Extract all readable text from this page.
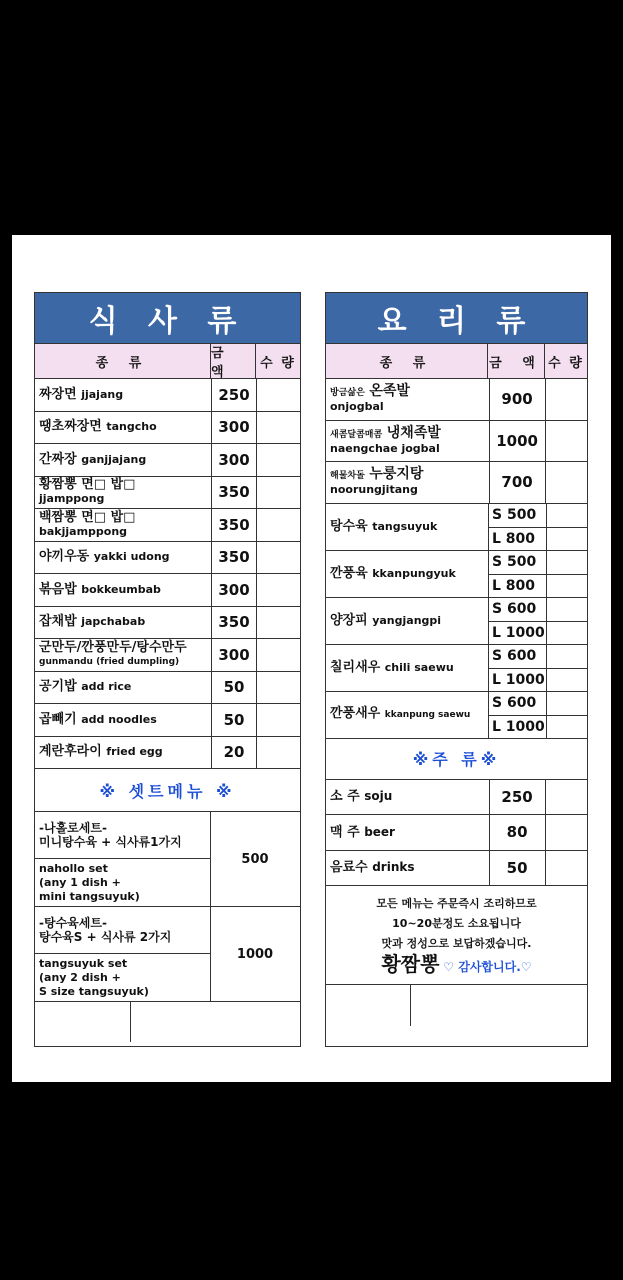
식 사 류
종 류
금 액
수 량
짜장면 jjajang	250
땡초짜장면 tangcho	300
간짜장 ganjjajang	300
황짬뽕 면□ 밥□
jjamppong	350
백짬뽕 면□ 밥□
bakjjamppong	350
야끼우동 yakki udong	350
볶음밥 bokkeumbab	300
잡채밥 japchabab	350
군만두/깐풍만두/탕수만두
gunmandu (fried dumpling)	300
공기밥 add rice	50
곱빼기 add noodles	50
계란후라이 fried egg	20
※ 셋트메뉴 ※
-나홀로세트-
미니탕수육 + 식사류1가지
nahollo set
(any 1 dish +
mini tangsuyuk)
500
-탕수육세트-
탕수육S + 식사류 2가지
tangsuyuk set
(any 2 dish +
S size tangsuyuk)
1000
요 리 류
종 류	금 액 수 량
방금삶은 온족발
onjogbal	900
새콤달콤매콤 냉채족발
naengchae jogbal	1000
해물차돌 누룽지탕
noorungjitang	700
탕수육 tangsuyuk
S 500
L 800
깐풍육 kkanpungyuk
S 500
L 800
양장피 yangjangpi
S 600
L 1000
칠리새우 chili saewu
S 600
L 1000
깐풍새우 kkanpung saewu
S 600
L 1000
※주 류※
소 주 soju	250
맥 주 beer	80
음료수 drinks	50
모든 메뉴는 주문즉시 조리하므로
10~20분정도 소요됩니다
맛과 정성으로 보답하겠습니다.
황짬뽕 ♡ 감사합니다.♡
